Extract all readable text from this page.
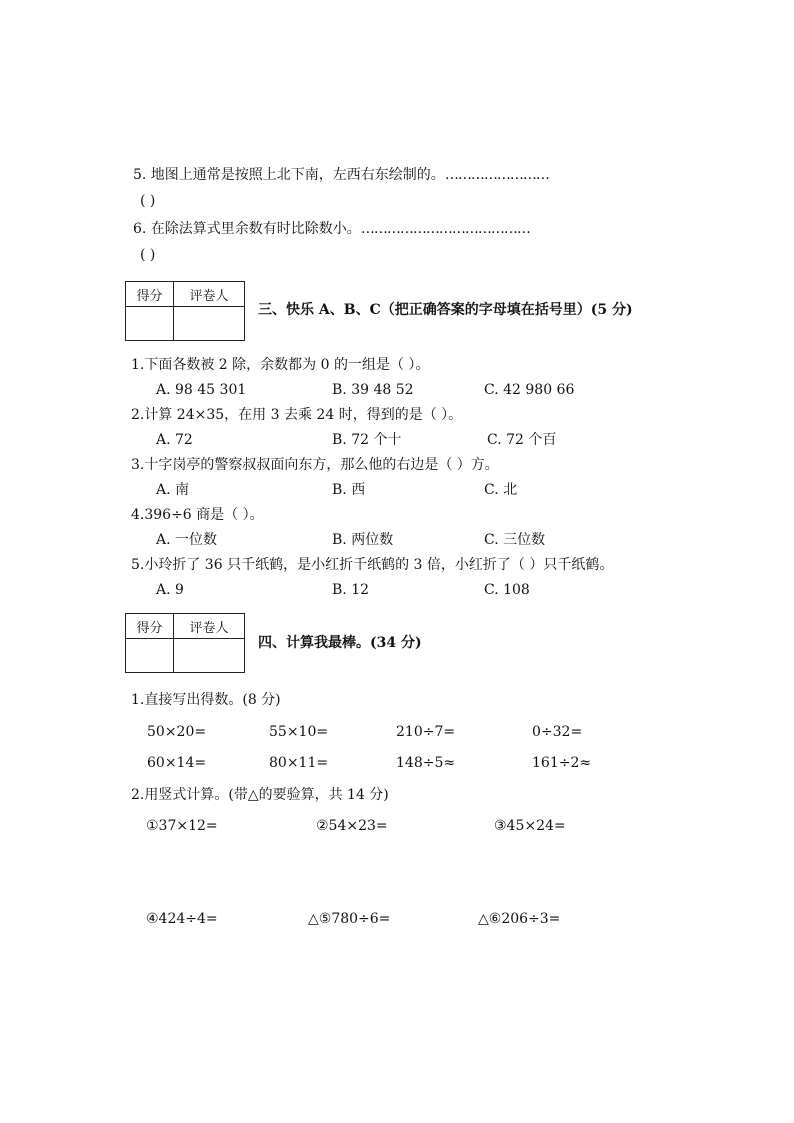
5. 地图上通常是按照上北下南，左西右东绘制的。……………………
( )
6. 在除法算式里余数有时比除数小。…………………………………
( )
得分	评卷人

三、快乐 A、B、C（把正确答案的字母填在括号里）(5 分)
1.下面各数被 2 除，余数都为 0 的一组是（ ）。
A. 98 45 301	B. 39 48 52	C. 42 980 66
2.计算 24×35，在用 3 去乘 24 时，得到的是（ ）。
A. 72	B. 72 个十	C. 72 个百
3.十字岗亭的警察叔叔面向东方，那么他的右边是（ ）方。
A. 南	B. 西	C. 北
4.396÷6 商是（ ）。
A. 一位数	B. 两位数	C. 三位数
5.小玲折了 36 只千纸鹤，是小红折千纸鹤的 3 倍，小红折了（ ）只千纸鹤。
A. 9	B. 12	C. 108
得分	评卷人

四、计算我最棒。(34 分)
1.直接写出得数。(8 分)
50×20=	55×10=	210÷7=	0÷32=
60×14=	80×11=	148÷5≈	161÷2≈
2.用竖式计算。(带△的要验算，共 14 分)
①37×12=	②54×23=	③45×24=
④424÷4=	△⑤780÷6=	△⑥206÷3=
